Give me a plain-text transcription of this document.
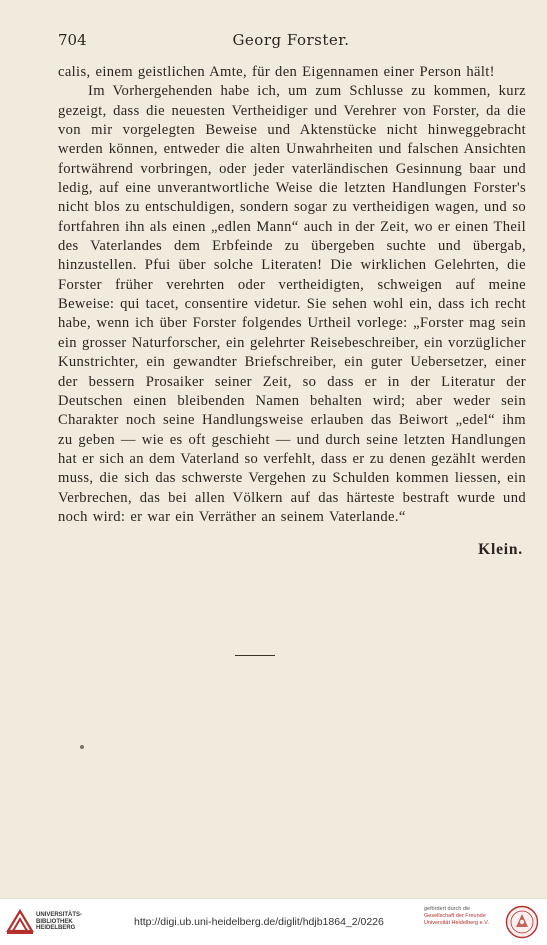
704	Georg Forster.

calis, einem geistlichen Amte, für den Eigennamen einer Person hält!

Im Vorhergehenden habe ich, um zum Schlusse zu kommen, kurz gezeigt, dass die neuesten Vertheidiger und Verehrer von Forster, da die von mir vorgelegten Beweise und Aktenstücke nicht hinweggebracht werden können, entweder die alten Unwahrheiten und falschen Ansichten fortwährend vorbringen, oder jeder vaterländischen Gesinnung baar und ledig, auf eine unverantwortliche Weise die letzten Handlungen Forster's nicht blos zu entschuldigen, sondern sogar zu vertheidigen wagen, und so fortfahren ihn als einen „edlen Mann“ auch in der Zeit, wo er einen Theil des Vaterlandes dem Erbfeinde zu übergeben suchte und übergab, hinzustellen. Pfui über solche Literaten! Die wirklichen Gelehrten, die Forster früher verehrten oder vertheidigten, schweigen auf meine Beweise: qui tacet, consentire videtur. Sie sehen wohl ein, dass ich recht habe, wenn ich über Forster folgendes Urtheil vorlege: „Forster mag sein ein grosser Naturforscher, ein gelehrter Reisebeschreiber, ein vorzüglicher Kunstrichter, ein gewandter Briefschreiber, ein guter Uebersetzer, einer der bessern Prosaiker seiner Zeit, so dass er in der Literatur der Deutschen einen bleibenden Namen behalten wird; aber weder sein Charakter noch seine Handlungsweise erlauben das Beiwort „edel“ ihm zu geben — wie es oft geschieht — und durch seine letzten Handlungen hat er sich an dem Vaterland so verfehlt, dass er zu denen gezählt werden muss, die sich das schwerste Vergehen zu Schulden kommen liessen, ein Verbrechen, das bei allen Völkern auf das härteste bestraft wurde und noch wird: er war ein Verräther an seinem Vaterlande.“

Klein.
UNIVERSITÄTS-
BIBLIOTHEK
HEIDELBERG	http://digi.ub.uni-heidelberg.de/diglit/hdjb1864_2/0226
gefördert durch die
Gesellschaft der Freunde
Universität Heidelberg e.V.
